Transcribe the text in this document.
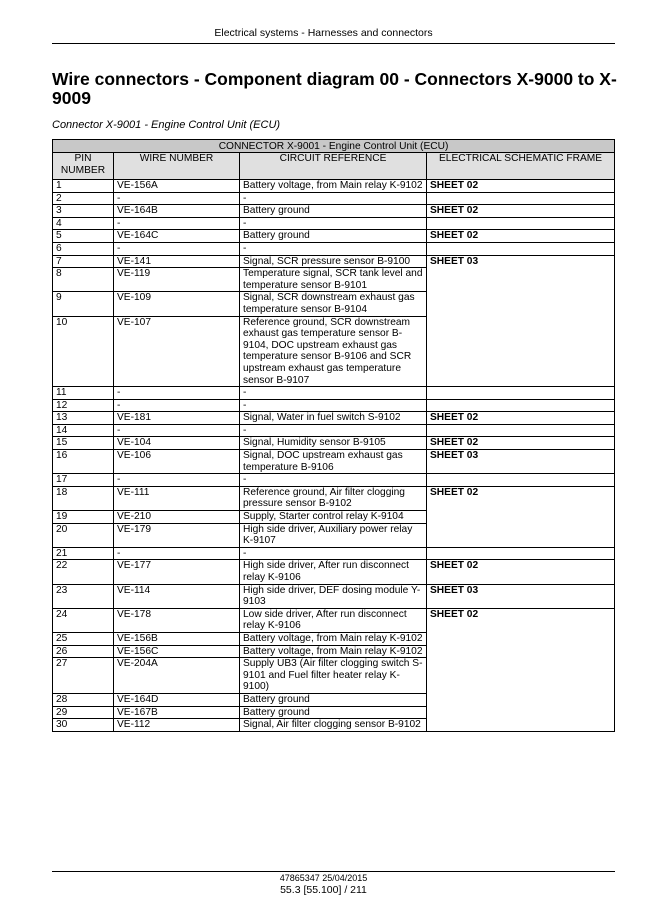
Electrical systems - Harnesses and connectors
Wire connectors - Component diagram 00 - Connectors X-9000 to X-9009
Connector X-9001 - Engine Control Unit (ECU)
CONNECTOR X-9001 - Engine Control Unit (ECU)			
PIN NUMBER	WIRE NUMBER	CIRCUIT REFERENCE	ELECTRICAL SCHEMATIC FRAME
1	VE-156A	Battery voltage, from Main relay K-9102	SHEET 02
2	-	-	
3	VE-164B	Battery ground	SHEET 02
4	-	-	
5	VE-164C	Battery ground	SHEET 02
6	-	-	
7	VE-141	Signal, SCR pressure sensor B-9100	SHEET 03
8	VE-119	Temperature signal, SCR tank level and temperature sensor B-9101	
9	VE-109	Signal, SCR downstream exhaust gas temperature sensor B-9104	
10	VE-107	Reference ground, SCR downstream exhaust gas temperature sensor B-9104, DOC upstream exhaust gas temperature sensor B-9106 and SCR upstream exhaust gas temperature sensor B-9107	
11	-	-	
12	-	-	
13	VE-181	Signal, Water in fuel switch S-9102	SHEET 02
14	-	-	
15	VE-104	Signal, Humidity sensor B-9105	SHEET 02
16	VE-106	Signal, DOC upstream exhaust gas temperature B-9106	SHEET 03
17	-	-	
18	VE-111	Reference ground, Air filter clogging pressure sensor B-9102	SHEET 02
19	VE-210	Supply, Starter control relay K-9104	
20	VE-179	High side driver, Auxiliary power relay K-9107	
21	-	-	
22	VE-177	High side driver, After run disconnect relay K-9106	SHEET 02
23	VE-114	High side driver, DEF dosing module Y-9103	SHEET 03
24	VE-178	Low side driver, After run disconnect relay K-9106	SHEET 02
25	VE-156B	Battery voltage, from Main relay K-9102	
26	VE-156C	Battery voltage, from Main relay K-9102	
27	VE-204A	Supply UB3 (Air filter clogging switch S-9101 and Fuel filter heater relay K-9100)	
28	VE-164D	Battery ground	
29	VE-167B	Battery ground	
30	VE-112	Signal, Air filter clogging sensor B-9102	
47865347 25/04/2015
55.3 [55.100] / 211
